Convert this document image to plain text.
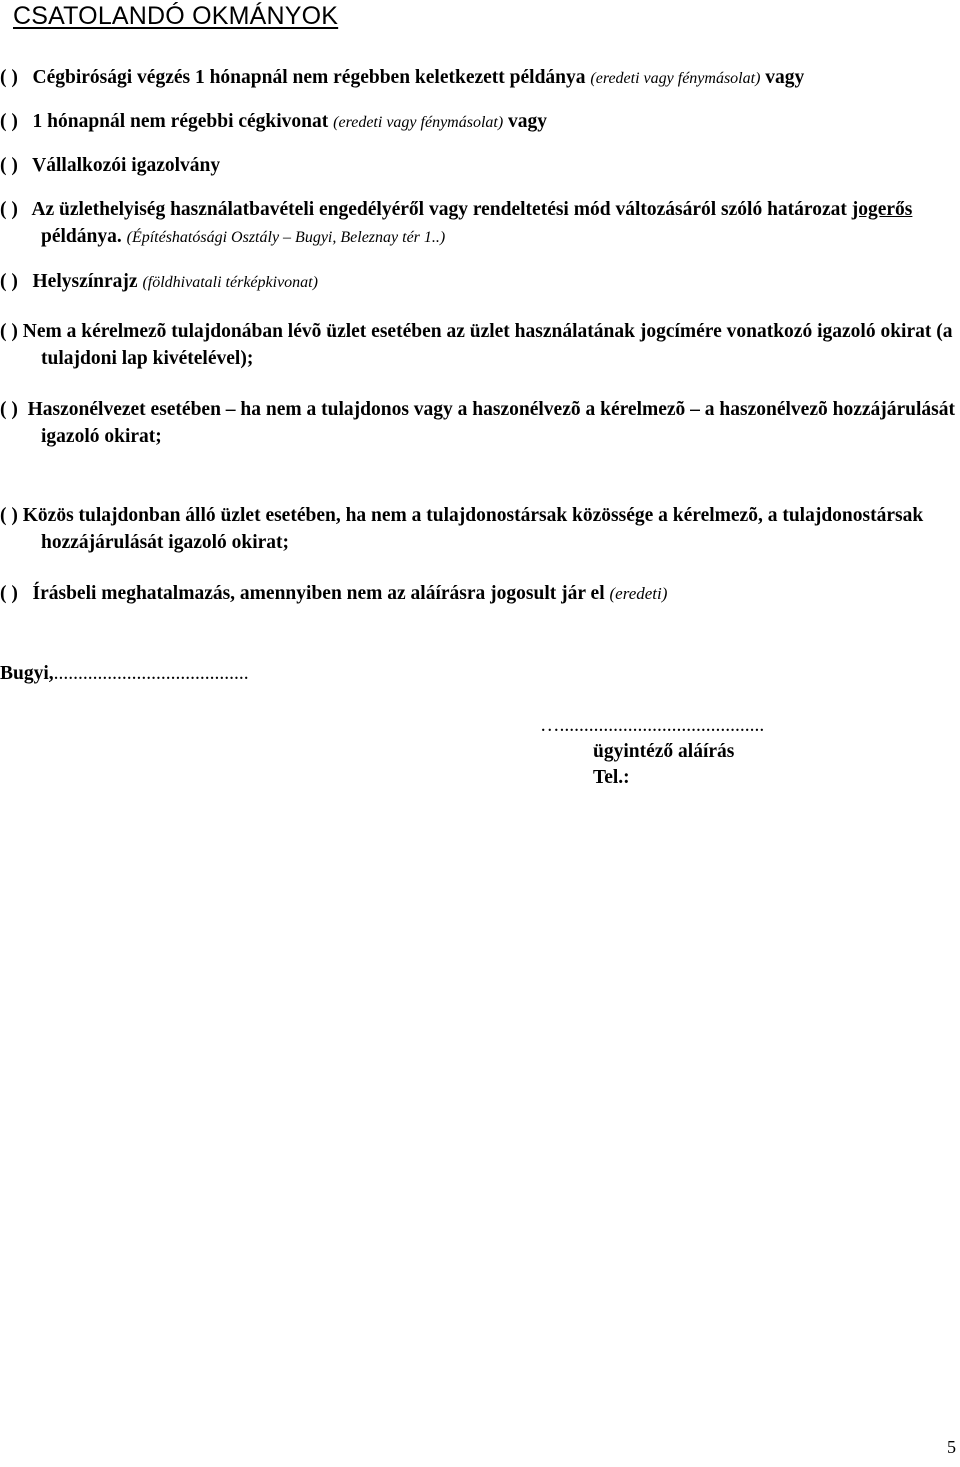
CSATOLANDÓ OKMÁNYOK
( ) Cégbirósági végzés 1 hónapnál nem régebben keletkezett példánya (eredeti vagy fénymásolat) vagy
( ) 1 hónapnál nem régebbi cégkivonat (eredeti vagy fénymásolat) vagy
( ) Vállalkozói igazolvány
( ) Az üzlethelyiség használatbavételi engedélyéről vagy rendeltetési mód változásáról szóló határozat jogerős példánya. (Építéshatósági Osztály – Bugyi, Beleznay tér 1..)
( ) Helyszínrajz (földhivatali térképkivonat)
( ) Nem a kérelmezõ tulajdonában lévõ üzlet esetében az üzlet használatának jogcímére vonatkozó igazoló okirat (a tulajdoni lap kivételével);
( ) Haszonélvezet esetében – ha nem a tulajdonos vagy a haszonélvezõ a kérelmezõ – a haszonélvezõ hozzájárulását igazoló okirat;
( ) Közös tulajdonban álló üzlet esetében, ha nem a tulajdonostársak közössége a kérelmezõ, a tulajdonostársak hozzájárulását igazoló okirat;
( ) Írásbeli meghatalmazás, amennyiben nem az aláírásra jogosult jár el (eredeti)
Bugyi,........................................
…..........................................
ügyintéző aláírás
Tel.:
5
